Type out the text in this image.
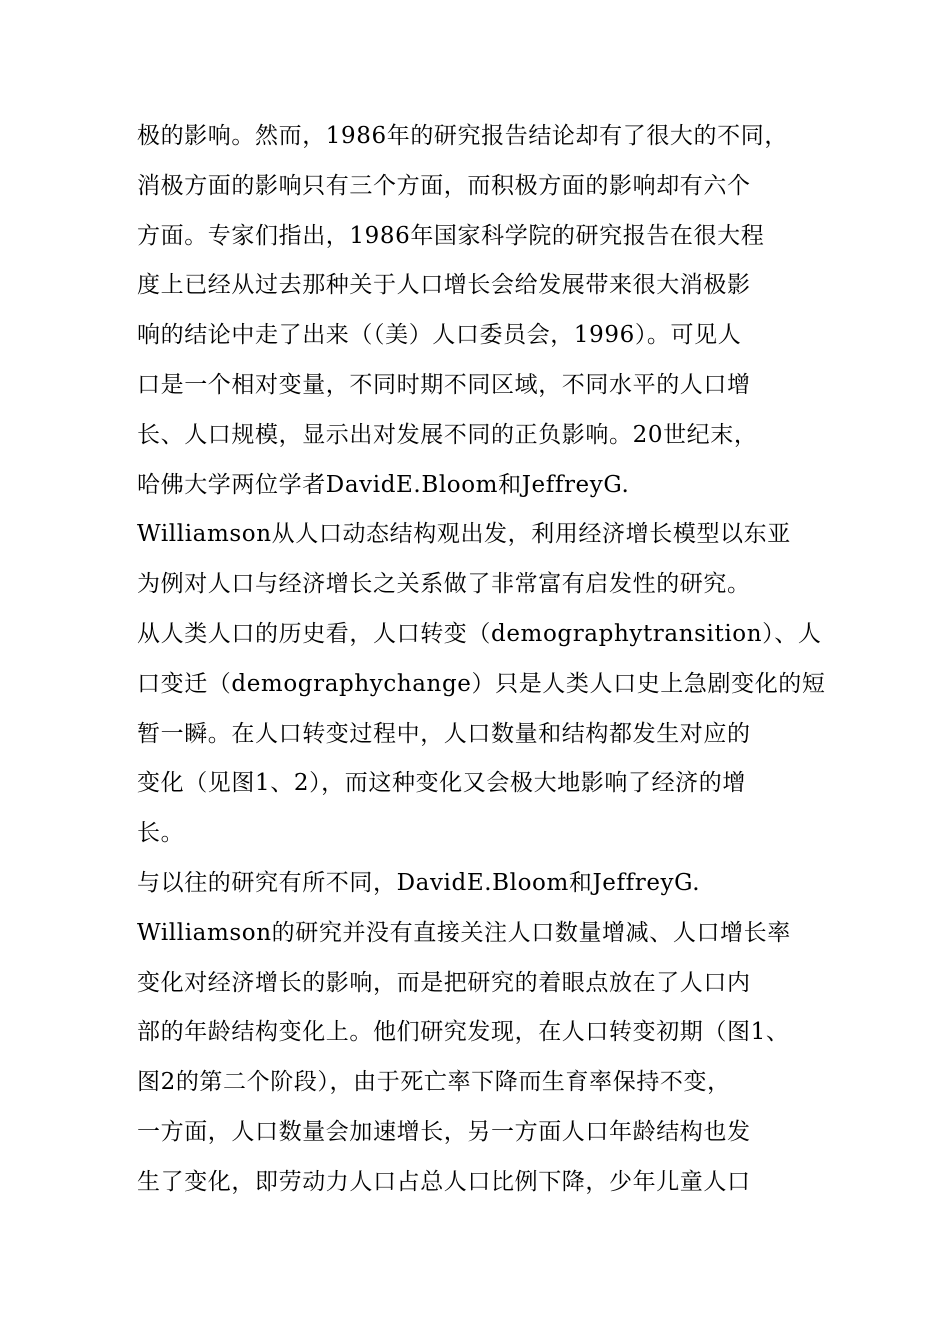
极的影响。然而，1986年的研究报告结论却有了很大的不同，
消极方面的影响只有三个方面，而积极方面的影响却有六个
方面。专家们指出，1986年国家科学院的研究报告在很大程
度上已经从过去那种关于人口增长会给发展带来很大消极影
响的结论中走了出来（（美）人口委员会，1996）。可见人
口是一个相对变量，不同时期不同区域，不同水平的人口增
长、人口规模，显示出对发展不同的正负影响。20世纪末，
哈佛大学两位学者DavidE.Bloom和JeffreyG.
Williamson从人口动态结构观出发，利用经济增长模型以东亚
为例对人口与经济增长之关系做了非常富有启发性的研究。
从人类人口的历史看，人口转变（demographytransition）、人
口变迁（demographychange）只是人类人口史上急剧变化的短
暂一瞬。在人口转变过程中，人口数量和结构都发生对应的
变化（见图1、2），而这种变化又会极大地影响了经济的增
长。
与以往的研究有所不同，DavidE.Bloom和JeffreyG.
Williamson的研究并没有直接关注人口数量增减、人口增长率
变化对经济增长的影响，而是把研究的着眼点放在了人口内
部的年龄结构变化上。他们研究发现，在人口转变初期（图1、
图2的第二个阶段），由于死亡率下降而生育率保持不变，
一方面，人口数量会加速增长，另一方面人口年龄结构也发
生了变化，即劳动力人口占总人口比例下降，少年儿童人口
